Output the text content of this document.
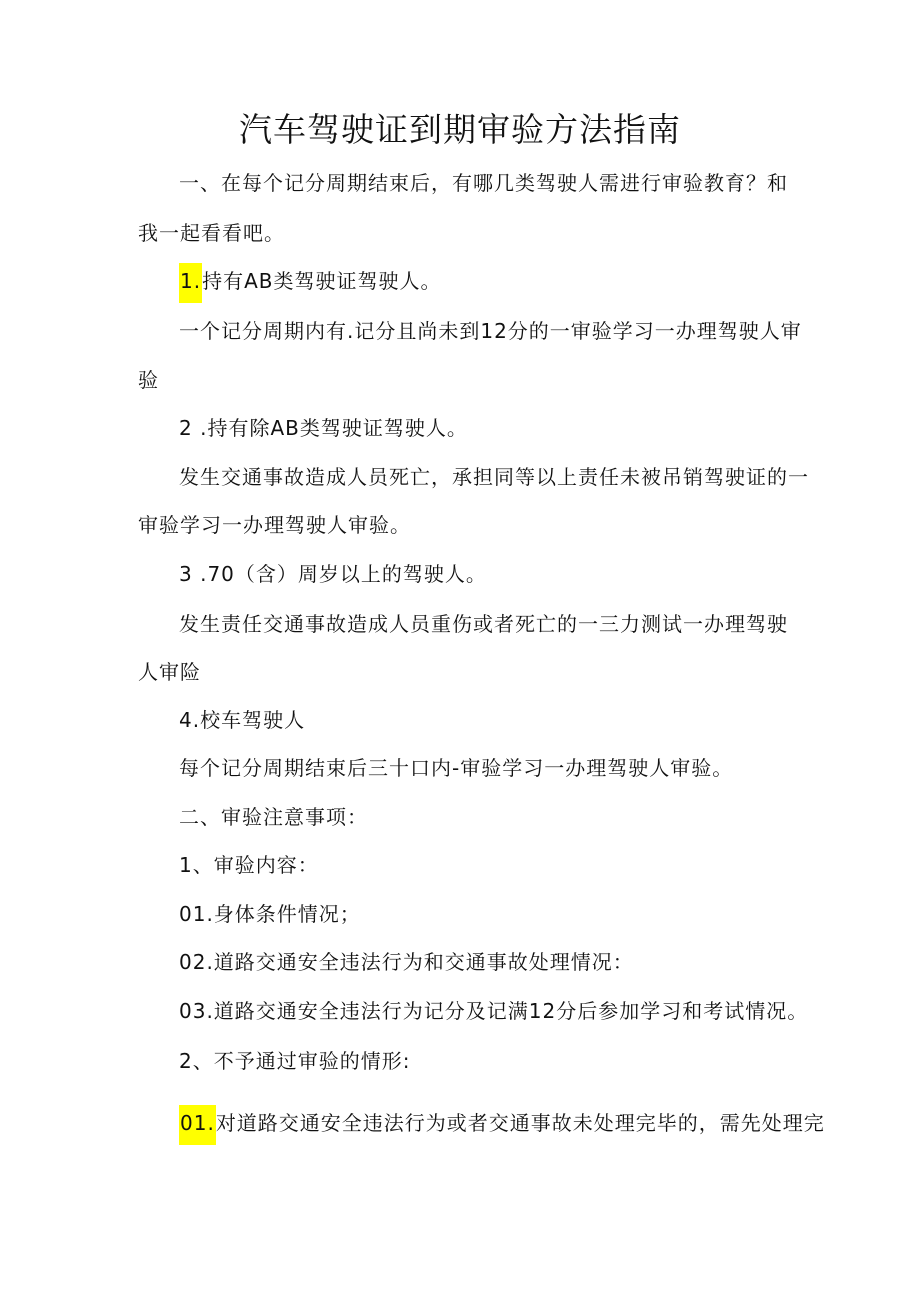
汽车驾驶证到期审验方法指南
一、在每个记分周期结束后，有哪几类驾驶人需进行审验教育？和
我一起看看吧。
1.持有AB类驾驶证驾驶人。
一个记分周期内有.记分且尚未到12分的一审验学习一办理驾驶人审
验
2 .持有除AB类驾驶证驾驶人。
发生交通事故造成人员死亡，承担同等以上责任未被吊销驾驶证的一
审验学习一办理驾驶人审验。
3 .70（含）周岁以上的驾驶人。
发生责任交通事故造成人员重伤或者死亡的一三力测试一办理驾驶
人审险
4.校车驾驶人
每个记分周期结束后三十口内-审验学习一办理驾驶人审验。
二、审验注意事项：
1、审验内容：
01.身体条件情况；
02.道路交通安全违法行为和交通事故处理情况：
03.道路交通安全违法行为记分及记满12分后参加学习和考试情况。
2、不予通过审验的情形:
01.对道路交通安全违法行为或者交通事故未处理完毕的，需先处理完
